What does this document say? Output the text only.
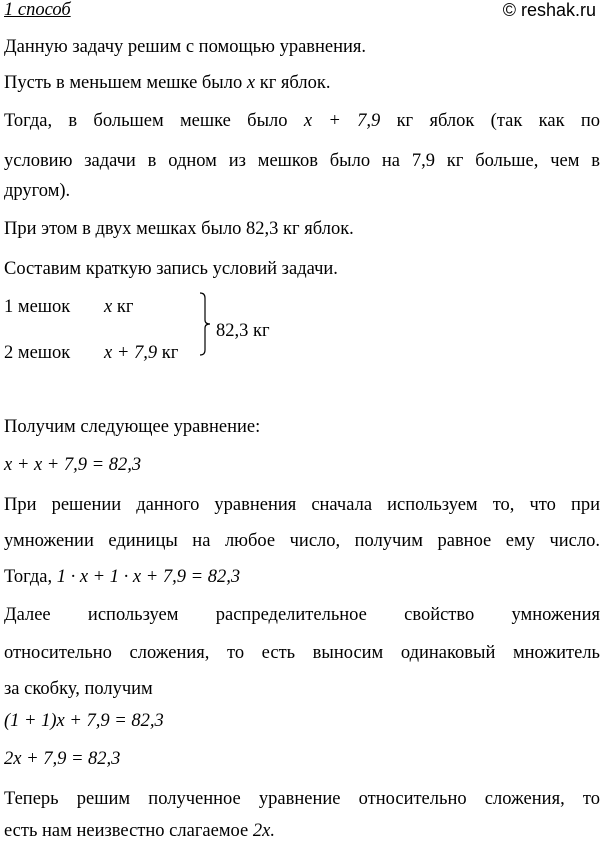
1 способ	© reshak.ru
Данную задачу решим с помощью уравнения.
Пусть в меньшем мешке было x кг яблок.
Тогда, в большем мешке было x + 7,9 кг яблок (так как по
условию задачи в одном из мешков было на 7,9 кг больше, чем в
другом).
При этом в двух мешках было 82,3 кг яблок.
Составим краткую запись условий задачи.
1 мешок x кг
2 мешок x + 7,9 кг
82,3 кг
Получим следующее уравнение:
x + x + 7,9 = 82,3
При решении данного уравнения сначала используем то, что при
умножении единицы на любое число, получим равное ему число.
Тогда, 1 · x + 1 · x + 7,9 = 82,3
Далее используем распределительное свойство умножения
относительно сложения, то есть выносим одинаковый множитель
за скобку, получим
(1 + 1)x + 7,9 = 82,3
2x + 7,9 = 82,3
Теперь решим полученное уравнение относительно сложения, то
есть нам неизвестно слагаемое 2x.
